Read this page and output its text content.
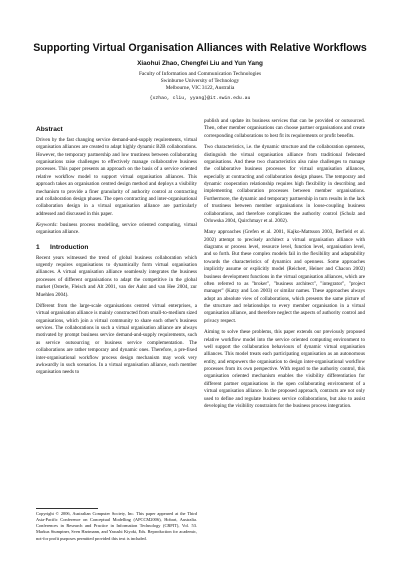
Supporting Virtual Organisation Alliances with Relative Workflows
Xiaohui Zhao, Chengfei Liu and Yun Yang
Faculty of Information and Communication Technologies
Swinburne University of Technology
Melbourne, VIC 3122, Australia
{xzhao, cliu, yyang}@it.swin.edu.au
Abstract

Driven by the fast changing service demand-and-supply requirements, virtual organisation alliances are created to adapt highly dynamic B2B collaborations. However, the temporary partnership and low trustiness between collaborating organisations raise challenges to effectively manage collaborative business processes. This paper presents an approach on the basis of a service oriented relative workflow model to support virtual organisation alliances. This approach takes an organisation centred design method and deploys a visibility mechanism to provide a finer granularity of authority control at contracting and collaboration design phases. The open contracting and inter-organisational collaboration design in a virtual organisation alliance are particularly addressed and discussed in this paper.

Keywords: business process modelling, service oriented computing, virtual organisation alliance.

1 Introduction

Recent years witnessed the trend of global business collaboration which urgently requires organisations to dynamically form virtual organisation alliances. A virtual organisation alliance seamlessly integrates the business processes of different organisations to adapt the competitive in the global market (Osterle, Fleisch and Alt 2001, van der Aalst and van Hee 2004, zur Muehlen 2004).

Different from the large-scale organisations centred virtual enterprises, a virtual organisation alliance is mainly constructed from small-to-medium sized organisations, which join a virtual community to share each other's business services. The collaborations in such a virtual organisation alliance are always motivated by prompt business service demand-and-supply requirements, such as service outsourcing or business service complementation. The collaborations are rather temporary and dynamic ones. Therefore, a pre-fixed inter-organisational workflow process design mechanism may work very awkwardly in such scenarios. In a virtual organisation alliance, each member organisation needs to

Copyright © 2006, Australian Computer Society, Inc. This paper appeared at the Third Asia-Pacific Conference on Conceptual Modelling (APCCM2006), Hobart, Australia. Conferences in Research and Practice in Information Technology (CRPIT), Vol. 53. Markus Stumptner, Sven Hartmann, and Yasushi Kiyoki, Eds. Reproduction for academic, not-for profit purposes permitted provided this text is included.

publish and update its business services that can be provided or outsourced. Then, other member organisations can choose partner organisations and create corresponding collaborations to best fit its requirements or profit benefits.

Two characteristics, i.e. the dynamic structure and the collaboration openness, distinguish the virtual organisation alliance from traditional federated organisations. And these two characteristics also raise challenges to manage the collaborative business processes for virtual organisation alliances, especially at contracting and collaboration design phases. The temporary and dynamic cooperation relationship requires high flexibility in describing and implementing collaboration processes between member organisations. Furthermore, the dynamic and temporary partnership in turn results in the lack of trustiness between member organisations in loose-coupling business collaborations, and therefore complicates the authority control (Schulz and Orlowska 2004, Quirchmayr et al. 2002).

Many approaches (Grefen et al. 2001, Kajko-Mattsson 2003, Berfield et al. 2002) attempt to precisely architect a virtual organisation alliance with diagrams or process level, resource level, function level, organisation level, and so forth. But these complex models fail in the flexibility and adaptability towards the characteristics of dynamics and openness. Some approaches implicitly assume or explicitly model (Reichert, Heiner and Chacon 2002) business development functions in the virtual organisation alliances, which are often referred to as "broker", "business architect", "integrator", "project manager" (Katzy and Lon 2003) or similar names. These approaches always adopt an absolute view of collaborations, which presents the same picture of the structure and relationships to every member organisation in a virtual organisation alliance, and therefore neglect the aspects of authority control and privacy respect.

Aiming to solve these problems, this paper extends our previously proposed relative workflow model into the service oriented computing environment to well support the collaboration behaviours of dynamic virtual organisation alliances. This model treats each participating organisation as an autonomous entity, and empowers the organisation to design inter-organisational workflow processes from its own perspective. With regard to the authority control, this organisation oriented mechanism enables the visibility differentiation for different partner organisations in the open collaborating environment of a virtual organisation alliance. In the proposed approach, contracts are not only used to define and regulate business service collaborations, but also to assist developing the visibility constraints for the business process integration.
